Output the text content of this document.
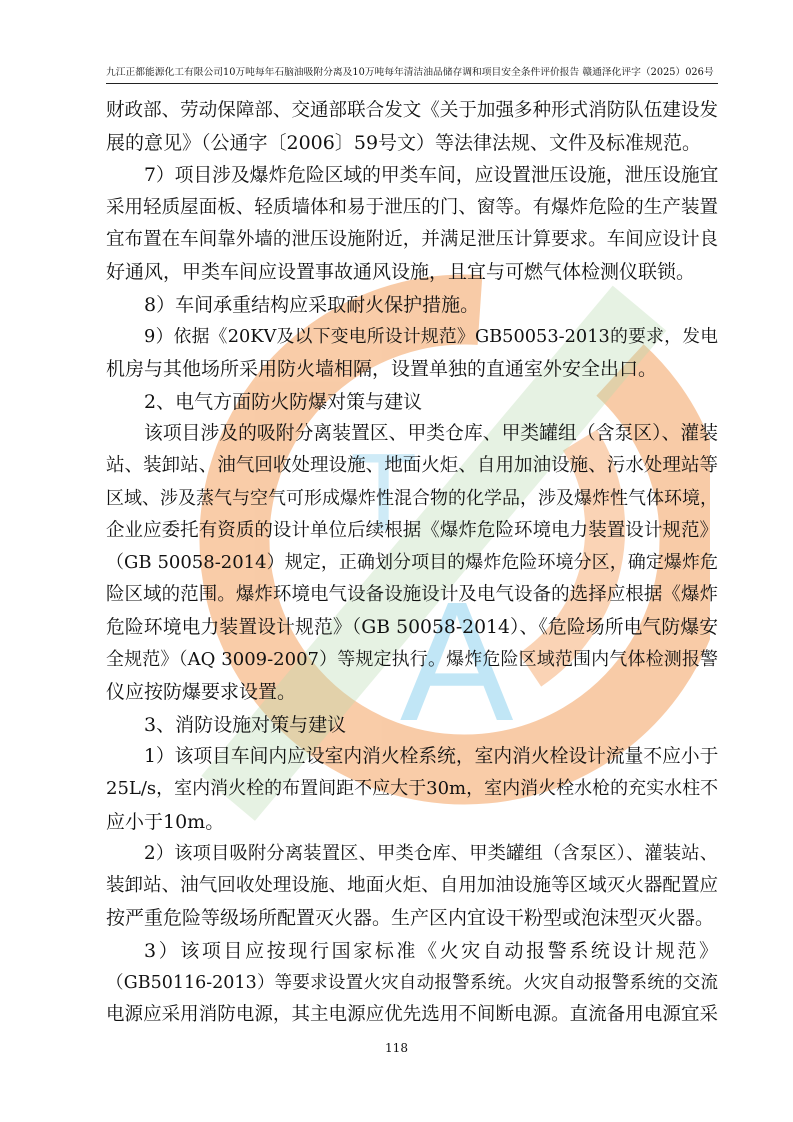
A
T
九江正都能源化工有限公司10万吨每年石脑油吸附分离及10万吨每年清洁油品储存调和项目安全条件评价报告 赣通泽化评字（2025）026号
财政部、劳动保障部、交通部联合发文《关于加强多种形式消防队伍建设发
展的意见》（公通字〔2006〕59号文）等法律法规、文件及标准规范。
7）项目涉及爆炸危险区域的甲类车间，应设置泄压设施，泄压设施宜
采用轻质屋面板、轻质墙体和易于泄压的门、窗等。有爆炸危险的生产装置
宜布置在车间靠外墙的泄压设施附近，并满足泄压计算要求。车间应设计良
好通风，甲类车间应设置事故通风设施，且宜与可燃气体检测仪联锁。
8）车间承重结构应采取耐火保护措施。
9）依据《20KV及以下变电所设计规范》GB50053-2013的要求，发电
机房与其他场所采用防火墙相隔，设置单独的直通室外安全出口。
2、电气方面防火防爆对策与建议
该项目涉及的吸附分离装置区、甲类仓库、甲类罐组（含泵区）、灌装
站、装卸站、油气回收处理设施、地面火炬、自用加油设施、污水处理站等
区域、涉及蒸气与空气可形成爆炸性混合物的化学品，涉及爆炸性气体环境，
企业应委托有资质的设计单位后续根据《爆炸危险环境电力装置设计规范》
（GB 50058-2014）规定，正确划分项目的爆炸危险环境分区，确定爆炸危
险区域的范围。爆炸环境电气设备设施设计及电气设备的选择应根据《爆炸
危险环境电力装置设计规范》（GB 50058-2014）、《危险场所电气防爆安
全规范》（AQ 3009-2007）等规定执行。爆炸危险区域范围内气体检测报警
仪应按防爆要求设置。
3、消防设施对策与建议
1）该项目车间内应设室内消火栓系统，室内消火栓设计流量不应小于
25L/s，室内消火栓的布置间距不应大于30m，室内消火栓水枪的充实水柱不
应小于10m。
2）该项目吸附分离装置区、甲类仓库、甲类罐组（含泵区）、灌装站、
装卸站、油气回收处理设施、地面火炬、自用加油设施等区域灭火器配置应
按严重危险等级场所配置灭火器。生产区内宜设干粉型或泡沫型灭火器。
3）该项目应按现行国家标准《火灾自动报警系统设计规范》
（GB50116-2013）等要求设置火灾自动报警系统。火灾自动报警系统的交流
电源应采用消防电源，其主电源应优先选用不间断电源。直流备用电源宜采
118
